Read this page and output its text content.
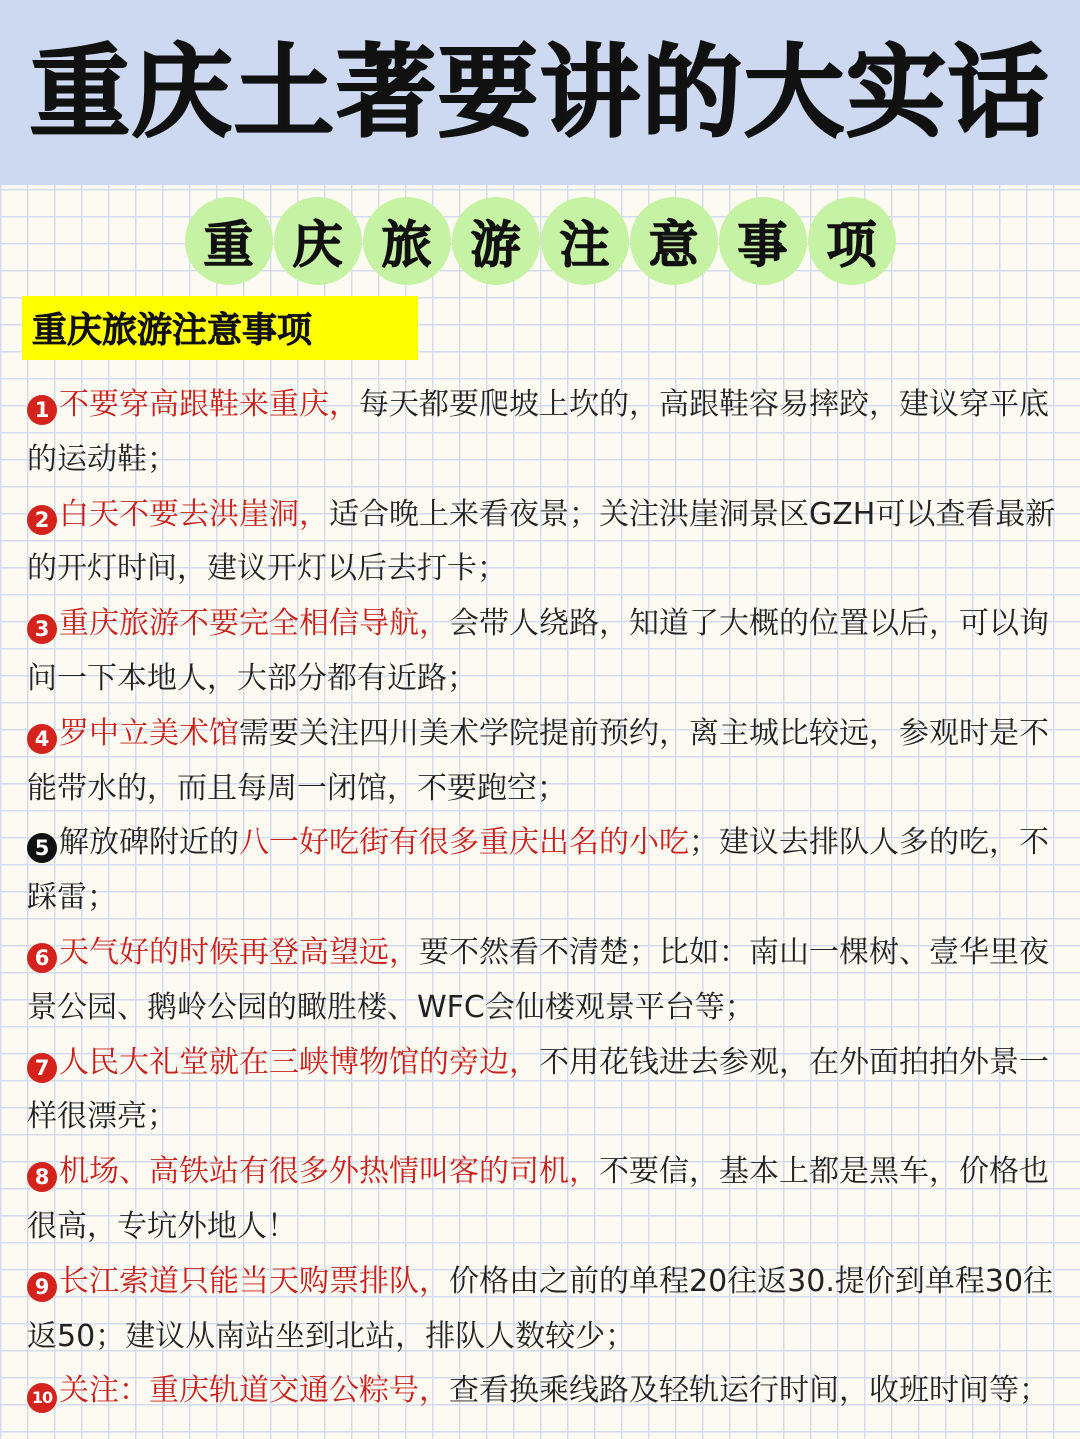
重庆土著要讲的大实话
重 庆 旅 游 注 意 事 项
重庆旅游注意事项

1 不要穿高跟鞋来重庆，每天都要爬坡上坎的，高跟鞋容易摔跤，建议穿平底的运动鞋；

2 白天不要去洪崖洞，适合晚上来看夜景；关注洪崖洞景区GZH可以查看最新的开灯时间，建议开灯以后去打卡；

3 重庆旅游不要完全相信导航，会带人绕路，知道了大概的位置以后，可以询问一下本地人，大部分都有近路；

4 罗中立美术馆需要关注四川美术学院提前预约，离主城比较远，参观时是不能带水的，而且每周一闭馆，不要跑空；

5 解放碑附近的八一好吃街有很多重庆出名的小吃；建议去排队人多的吃，不踩雷；

6 天气好的时候再登高望远，要不然看不清楚；比如：南山一棵树、壹华里夜景公园、鹅岭公园的瞰胜楼、WFC会仙楼观景平台等；

7 人民大礼堂就在三峡博物馆的旁边，不用花钱进去参观，在外面拍拍外景一样很漂亮；

8 机场、高铁站有很多外热情叫客的司机，不要信，基本上都是黑车，价格也很高，专坑外地人！

9 长江索道只能当天购票排队，价格由之前的单程20往返30.提价到单程30往返50；建议从南站坐到北站，排队人数较少；

10 关注：重庆轨道交通公粽号，查看换乘线路及轻轨运行时间，收班时间等；
